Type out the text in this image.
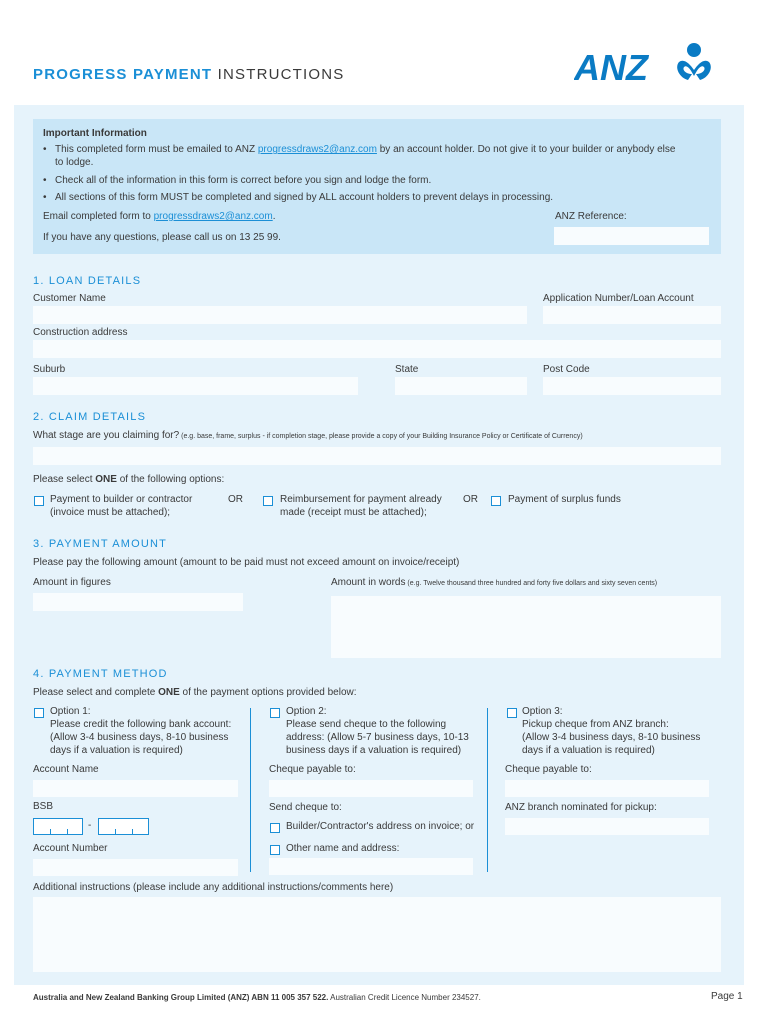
PROGRESS PAYMENT INSTRUCTIONS	ANZ
Important Information
• This completed form must be emailed to ANZ progressdraws2@anz.com by an account holder. Do not give it to your builder or anybody else
to lodge.
• Check all of the information in this form is correct before you sign and lodge the form.
• All sections of this form MUST be completed and signed by ALL account holders to prevent delays in processing.
Email completed form to progressdraws2@anz.com.
If you have any questions, please call us on 13 25 99.
ANZ Reference:
1. LOAN DETAILS
Customer Name	Application Number/Loan Account
Construction address
Suburb	State	Post Code
2. CLAIM DETAILS
What stage are you claiming for? (e.g. base, frame, surplus - if completion stage, please provide a copy of your Building Insurance Policy or Certificate of Currency)
Please select ONE of the following options:
Payment to builder or contractor
(invoice must be attached);
OR	Reimbursement for payment already
made (receipt must be attached);
OR	Payment of surplus funds
3. PAYMENT AMOUNT
Please pay the following amount (amount to be paid must not exceed amount on invoice/receipt)
Amount in figures	Amount in words (e.g. Twelve thousand three hundred and forty five dollars and sixty seven cents)
4. PAYMENT METHOD
Please select and complete ONE of the payment options provided below:
Option 1:
Please credit the following bank account:
(Allow 3-4 business days, 8-10 business
days if a valuation is required)
Account Name
BSB
-
Account Number
Option 2:
Please send cheque to the following
address: (Allow 5-7 business days, 10-13
business days if a valuation is required)
Cheque payable to:
Send cheque to:
Builder/Contractor's address on invoice; or
Other name and address:
Option 3:
Pickup cheque from ANZ branch:
(Allow 3-4 business days, 8-10 business
days if a valuation is required)
Cheque payable to:
ANZ branch nominated for pickup:
Additional instructions (please include any additional instructions/comments here)
Australia and New Zealand Banking Group Limited (ANZ) ABN 11 005 357 522. Australian Credit Licence Number 234527.	Page 1
